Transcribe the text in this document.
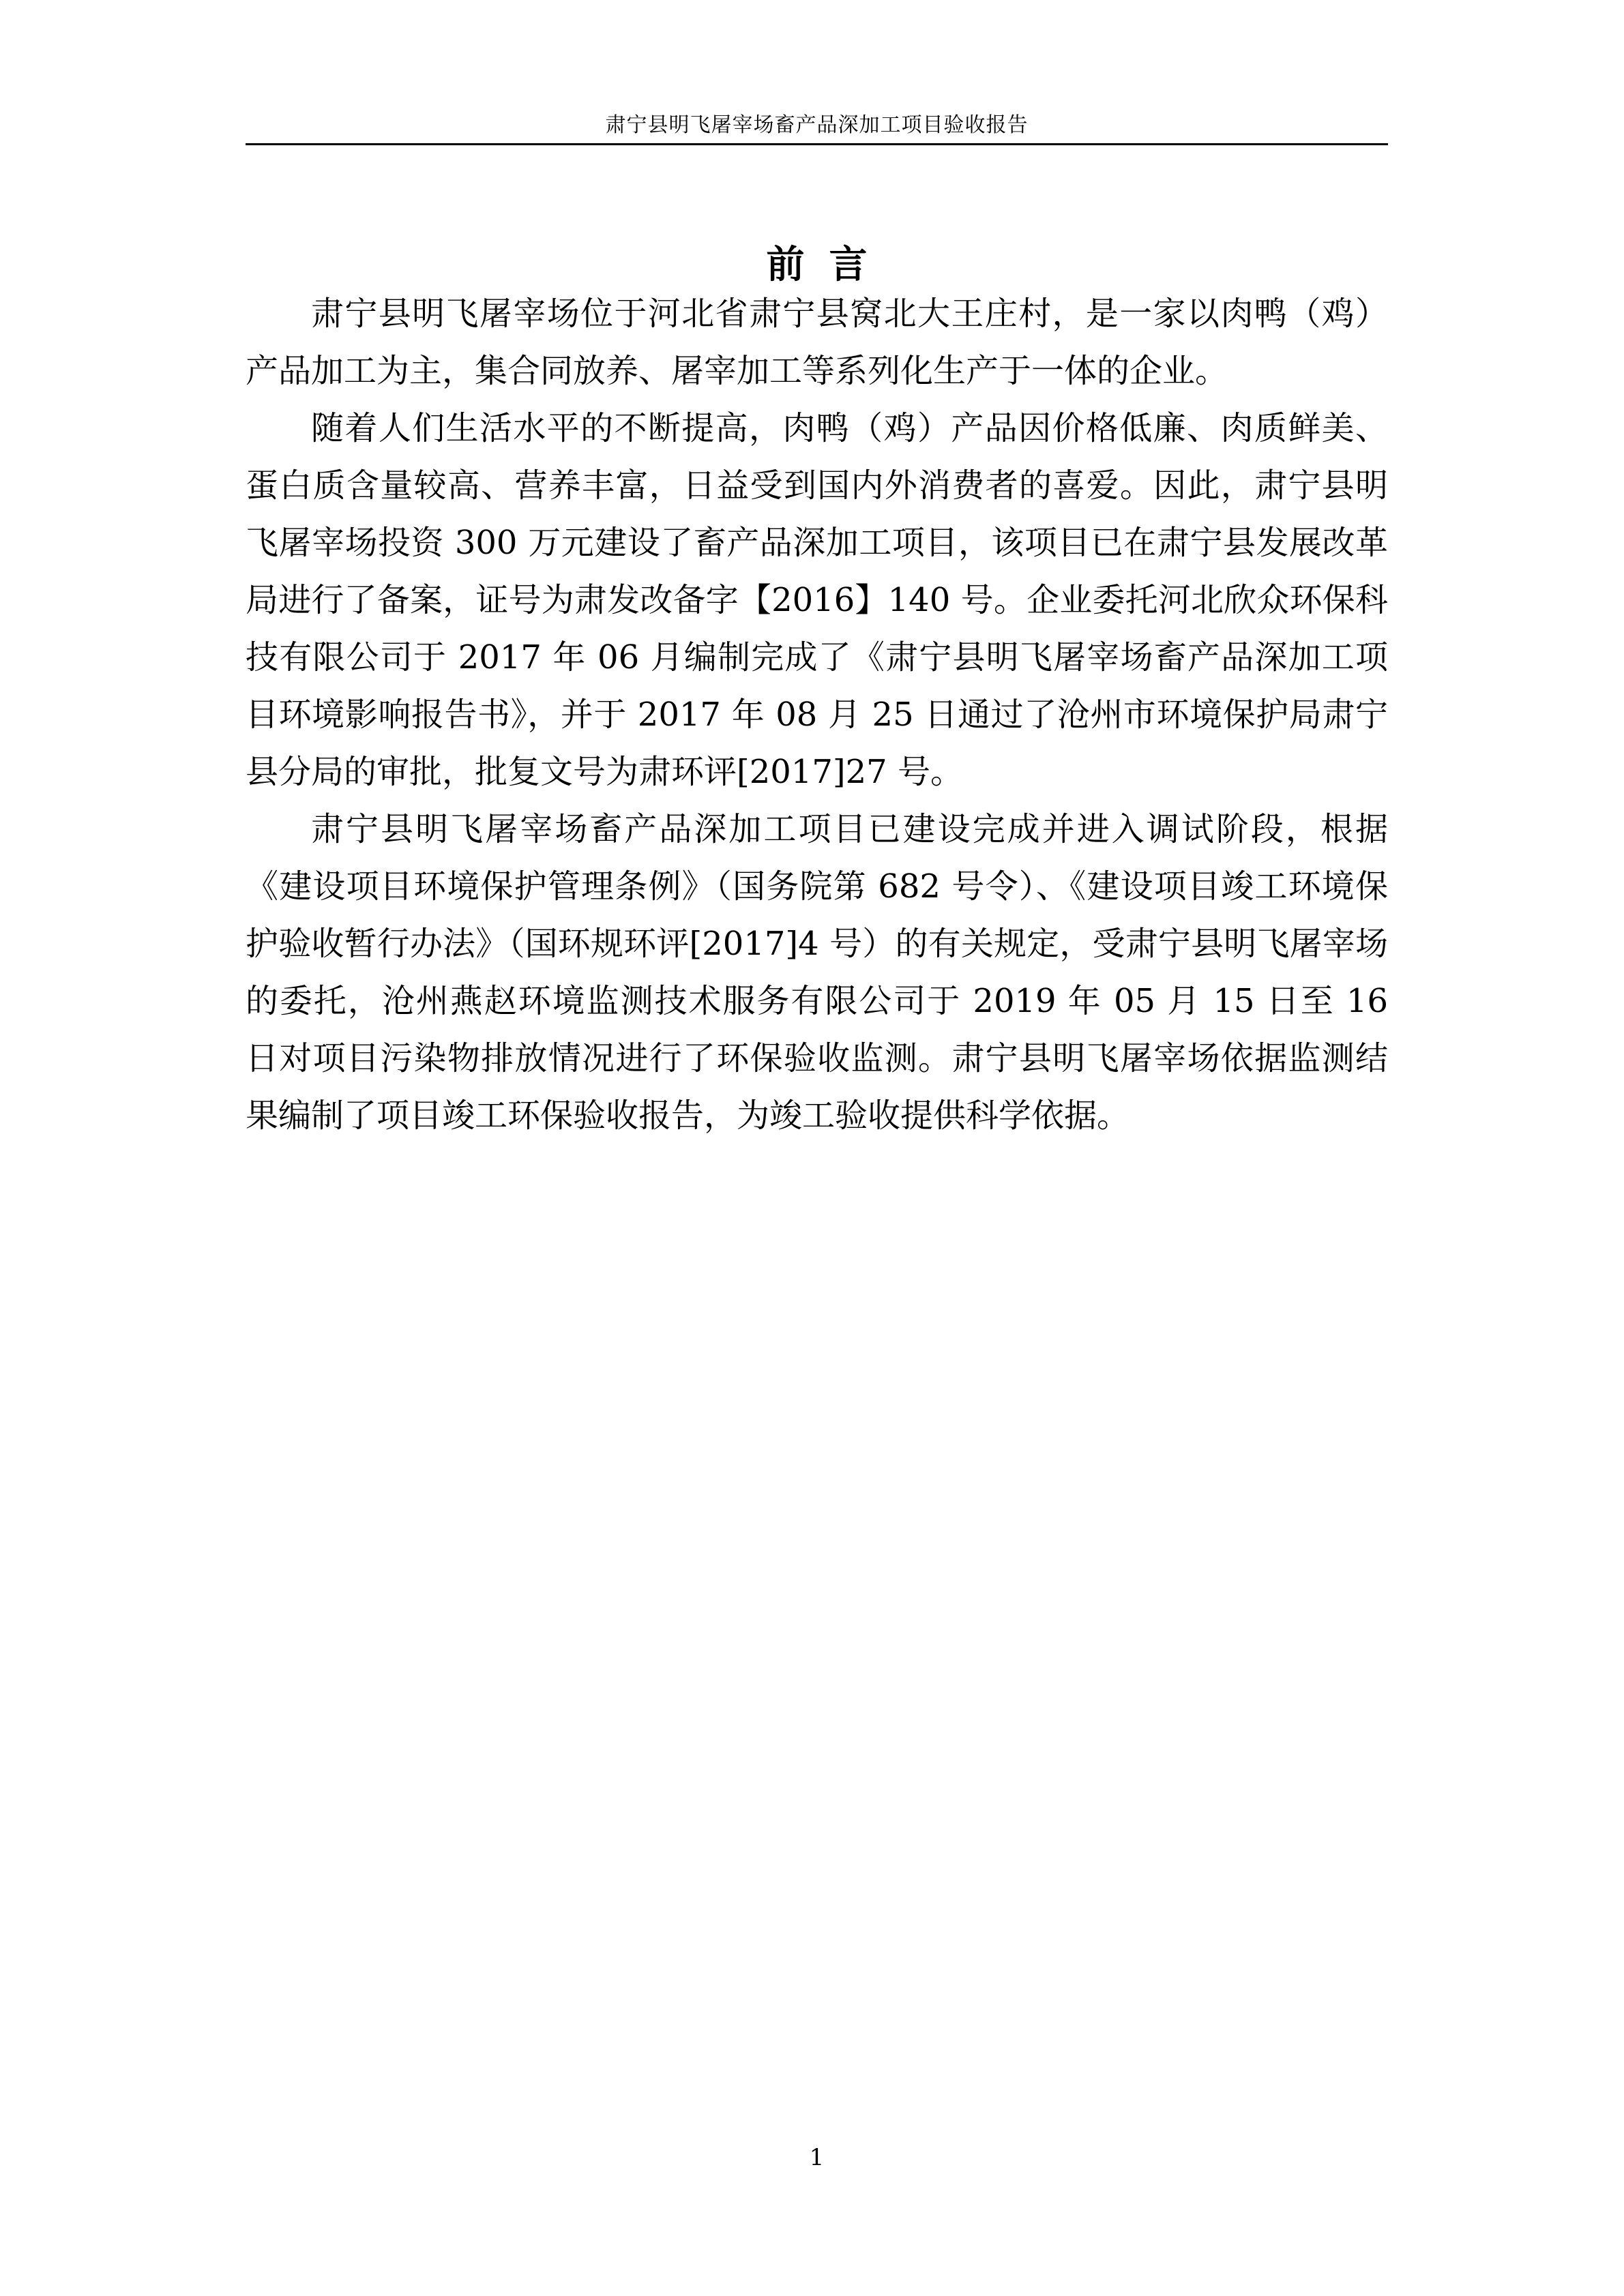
肃宁县明飞屠宰场畜产品深加工项目验收报告
前言

肃宁县明飞屠宰场位于河北省肃宁县窝北大王庄村，是一家以肉鸭（鸡）产品加工为主，集合同放养、屠宰加工等系列化生产于一体的企业。

随着人们生活水平的不断提高，肉鸭（鸡）产品因价格低廉、肉质鲜美、蛋白质含量较高、营养丰富，日益受到国内外消费者的喜爱。因此，肃宁县明飞屠宰场投资 300 万元建设了畜产品深加工项目，该项目已在肃宁县发展改革局进行了备案，证号为肃发改备字【2016】140 号。企业委托河北欣众环保科技有限公司于 2017 年 06 月编制完成了《肃宁县明飞屠宰场畜产品深加工项目环境影响报告书》，并于 2017 年 08 月 25 日通过了沧州市环境保护局肃宁县分局的审批，批复文号为肃环评[2017]27 号。

肃宁县明飞屠宰场畜产品深加工项目已建设完成并进入调试阶段，根据《建设项目环境保护管理条例》（国务院第 682 号令）、《建设项目竣工环境保护验收暂行办法》（国环规环评[2017]4 号）的有关规定，受肃宁县明飞屠宰场的委托，沧州燕赵环境监测技术服务有限公司于 2019 年 05 月 15 日至 16 日对项目污染物排放情况进行了环保验收监测。肃宁县明飞屠宰场依据监测结果编制了项目竣工环保验收报告，为竣工验收提供科学依据。

1
